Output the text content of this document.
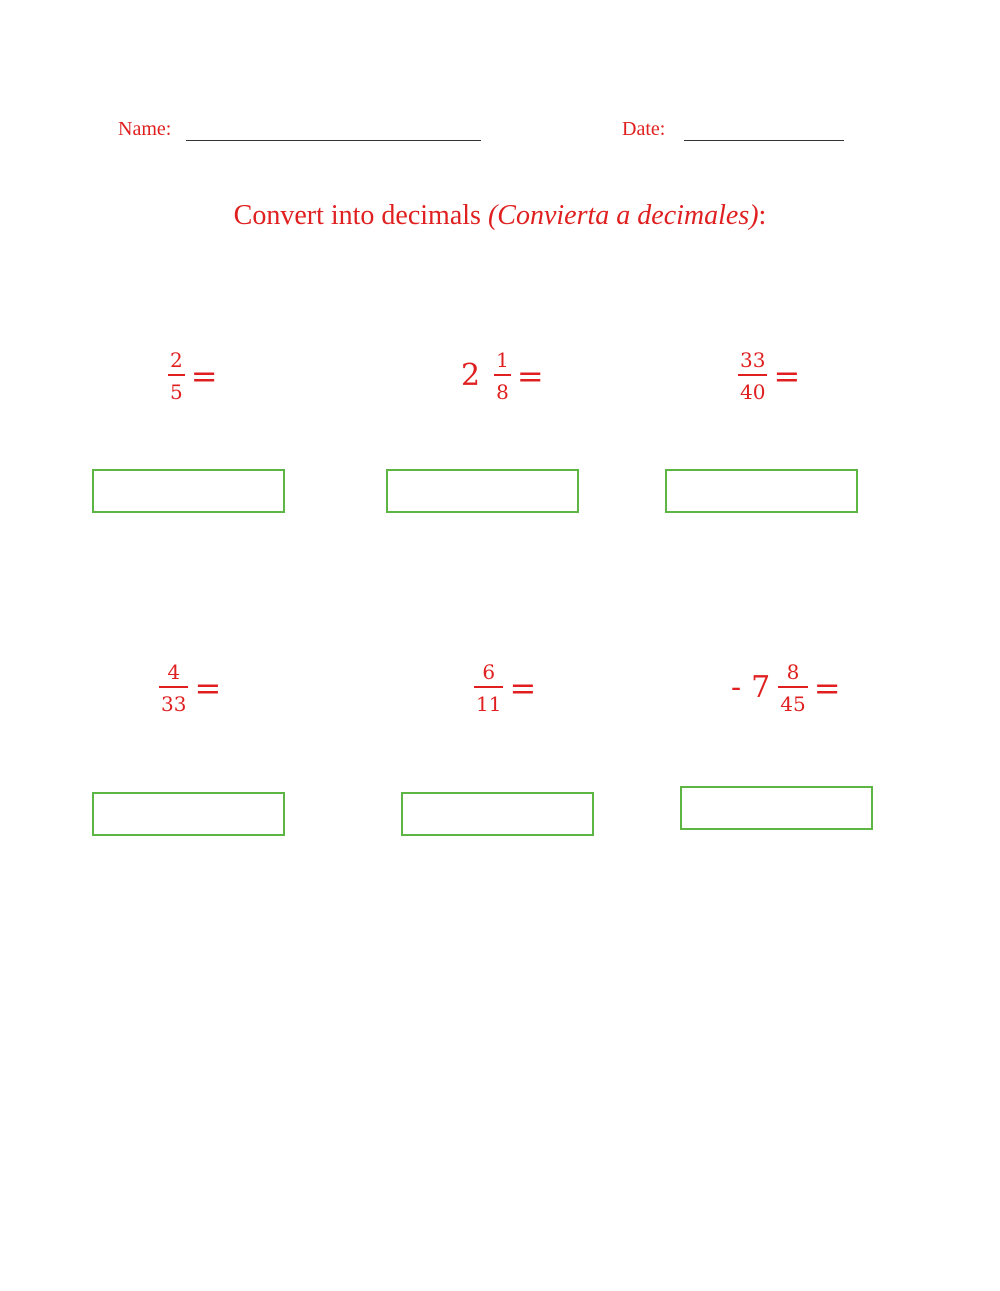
Name:	Date:
Convert into decimals (Convierta a decimales):
$\frac{2}{5}$ =	$2 \frac{1}{8}$ =	$\frac{33}{40}$ =
$\frac{4}{33}$ =	$\frac{6}{11}$ =	- $7 \frac{8}{45}$ =
